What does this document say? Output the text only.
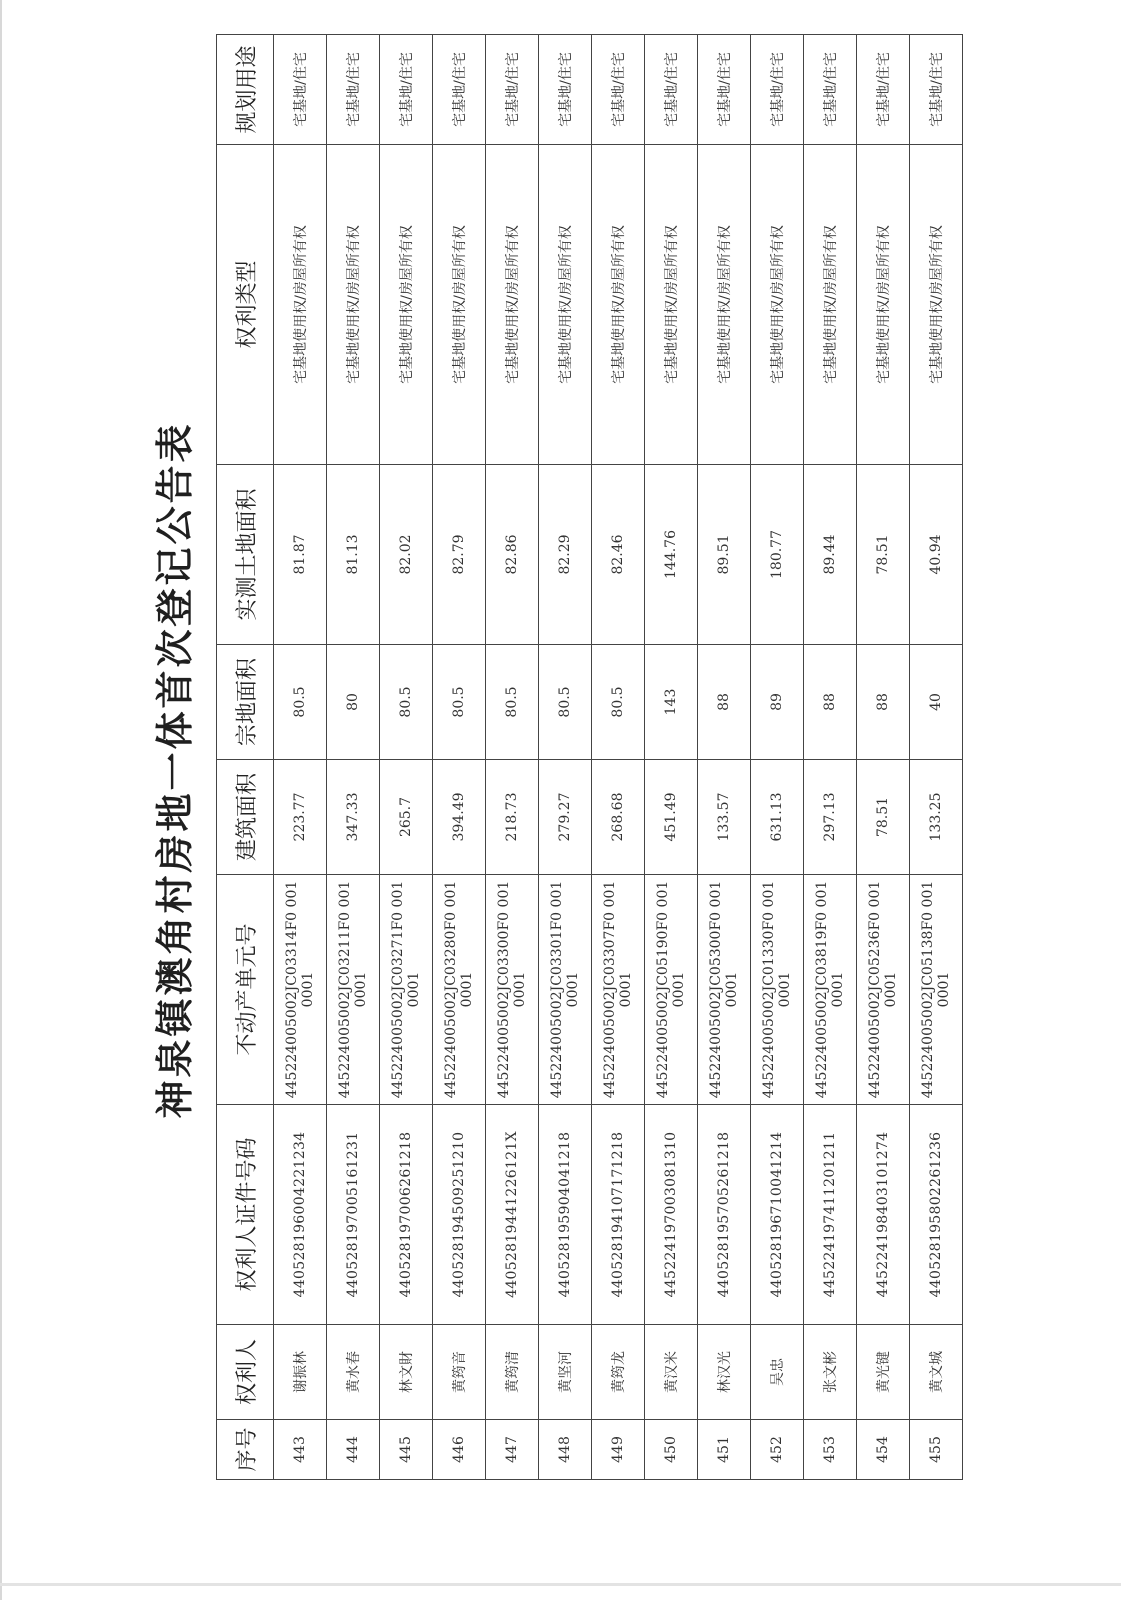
神泉镇澳角村房地一体首次登记公告表
序号	权利人	权利人证件号码	不动产单元号	建筑面积	宗地面积	实测土地面积	权利类型	规划用途
443	谢振林	440528196004221234	445224005002JC03314F0 0010001	223.77	80.5	81.87	宅基地使用权/房屋所有权	宅基地/住宅
444	黄水春	440528197005161231	445224005002JC03211F0 0010001	347.33	80	81.13	宅基地使用权/房屋所有权	宅基地/住宅
445	林文財	440528197006261218	445224005002JC03271F0 0010001	265.7	80.5	82.02	宅基地使用权/房屋所有权	宅基地/住宅
446	黄筠音	440528194509251210	445224005002JC03280F0 0010001	394.49	80.5	82.79	宅基地使用权/房屋所有权	宅基地/住宅
447	黄筠清	44052819441226121X	445224005002JC03300F0 0010001	218.73	80.5	82.86	宅基地使用权/房屋所有权	宅基地/住宅
448	黄坚河	440528195904041218	445224005002JC03301F0 0010001	279.27	80.5	82.29	宅基地使用权/房屋所有权	宅基地/住宅
449	黄筠龙	440528194107171218	445224005002JC03307F0 0010001	268.68	80.5	82.46	宅基地使用权/房屋所有权	宅基地/住宅
450	黄汉米	445224197003081310	445224005002JC05190F0 0010001	451.49	143	144.76	宅基地使用权/房屋所有权	宅基地/住宅
451	林汉光	440528195705261218	445224005002JC05300F0 0010001	133.57	88	89.51	宅基地使用权/房屋所有权	宅基地/住宅
452	吴忠	440528196710041214	445224005002JC01330F0 0010001	631.13	89	180.77	宅基地使用权/房屋所有权	宅基地/住宅
453	张文彬	445224197411201211	445224005002JC03819F0 0010001	297.13	88	89.44	宅基地使用权/房屋所有权	宅基地/住宅
454	黄光键	445224198403101274	445224005002JC05236F0 0010001	78.51	88	78.51	宅基地使用权/房屋所有权	宅基地/住宅
455	黄文城	440528195802261236	445224005002JC05138F0 0010001	133.25	40	40.94	宅基地使用权/房屋所有权	宅基地/住宅
